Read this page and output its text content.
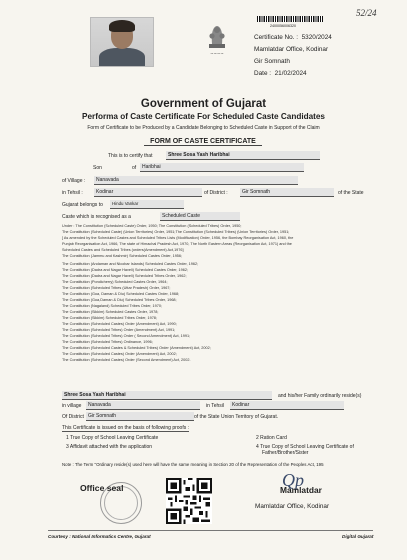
52/24
~~~~
2400056006320
Certificate No. : 5320/2024
Mamlatdar Office, Kodinar
Gir Somnath
Date : 21/02/2024
Government of Gujarat
Performa of Caste Certificate For Scheduled Caste Candidates
Form of Certificate to be Produced by a Candidate Belonging to Scheduled Caste in Support of the Claim
FORM OF CASTE CERTIFICATE
This is to certify that	Shree Sosa Yash Haribhai
Son	of	Haribhai
of Village :	Nanavada
in Tehsil :	Kodinar	of District :	Gir Somnath	of the State
Gujarat belongs to	Hindu Vankar
Caste which is recognised as a	Scheduled Caste
Under : The Constitution (Scheduled Caste) Order, 1950; The Constitution (Scheduled Tribes) Order, 1950;
The Constitution (Scheduled Caste) (Union Territories) Order, 1951;The Constitution (Scheduled Tribes) (Union Territories) Order, 1951;
[ As amended by the Scheduled Castes and Scheduled Tribes Lists (Modification) Order, 1956, the Bombay Reorganisation Act, 1960, the
Punjab Reorganisation Act, 1966, The state of Himachal Pradesh Act, 1970, The North Eastern Areas (Reorganisation Act, 1971) and the
Scheduled Castes and Scheduled Tribes (orders(Amendment) Act,1976]
The Constitution (Jammu and Kashmir) Scheduled Castes Order, 1956;
The Constitution (Andaman and Nicobar Islands) Scheduled Castes Order, 1962;
The Constitution (Dadra and Nagar Haveli) Scheduled Castes Order, 1962;
The Constitution (Dadra and Nagar Haveli) Scheduled Tribes Order, 1962;
The Constitution (Pondicherry) Scheduled Castes Order, 1964;
The Constitution (Scheduled Tribes (Uttar Pradesh) Order, 1967;
The Constitution (Goa, Daman & Diu) Scheduled Castes Order, 1968;
The Constitution (Goa,Daman & Diu) Scheduled Tribes Order, 1968;
The Constitution (Nagaland) Scheduled Tribes Order, 1970;
The Constitution (Sikkim) Scheduled Castes Order, 1978;
The Constitution (Sikkim) Scheduled Tribes Order, 1978;
The Constitution (Scheduled Castes) Order (Amendment) Act, 1990;
The Constitution (Scheduled Tribes) Order (Amendment) Act, 1991;
The Constitution (Scheduled Tribes) Order ( Second Amendment) Act, 1991;
The Constitution (Scheduled Tribes) Ordinance, 1996;
The Constitution (Scheduled Castes & Scheduled Tribes) Order (Amendment) Act, 2002;
The Constitution (Scheduled Castes) Order (Amendment) Act, 2002;
The Constitution (Scheduled Castes) Order (Second Amendment) Act, 2002.
Shree Sosa Yash Haribhai	and his/her Family ordinarily reside(s)
in village	Nanavada	in Tehsil	Kodinar
Of District Gir Somnath	of the State Union Territory of Gujarat.
This Certificate is issued on the basis of following proofs :
1 True Copy of School Leaving Certificate	2 Ration Card
3 Affidavit attached with the application	4 True Copy of School Leaving Certificate of
Father/Brother/Sister
Note : The Term "Ordinary reside(s) used here will have the same meaning in Section 20 of the Representation of the Peoples Act, 195
Office seal	Qp
Mamlatdar
Mamlatdar Office, Kodinar
Courtesy : National Informatics Centre, Gujarat	Digital Gujarat
